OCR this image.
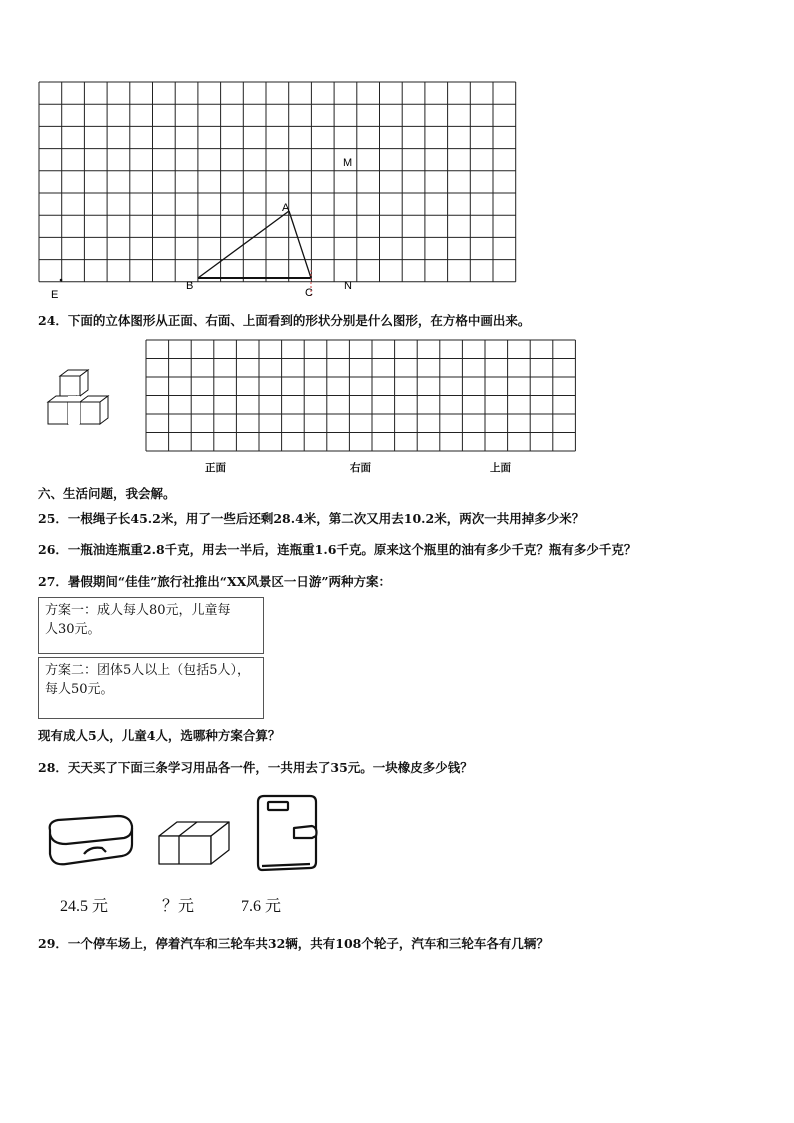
M
A
B
C
N
E
24．下面的立体图形从正面、右面、上面看到的形状分别是什么图形，在方格中画出来。
正面	右面	上面
六、生活问题，我会解。
25．一根绳子长45.2米，用了一些后还剩28.4米，第二次又用去10.2米，两次一共用掉多少米？
26．一瓶油连瓶重2.8千克，用去一半后，连瓶重1.6千克。原来这个瓶里的油有多少千克？瓶有多少千克？
27．暑假期间“佳佳”旅行社推出“XX风景区一日游”两种方案：
方案一：成人每人80元，儿童每
人30元。
方案二：团体5人以上（包括5人），
每人50元。
现有成人5人，儿童4人，选哪种方案合算？
28．天天买了下面三条学习用品各一件，一共用去了35元。一块橡皮多少钱？
24.5 元	？元	7.6 元
29．一个停车场上，停着汽车和三轮车共32辆，共有108个轮子，汽车和三轮车各有几辆？
